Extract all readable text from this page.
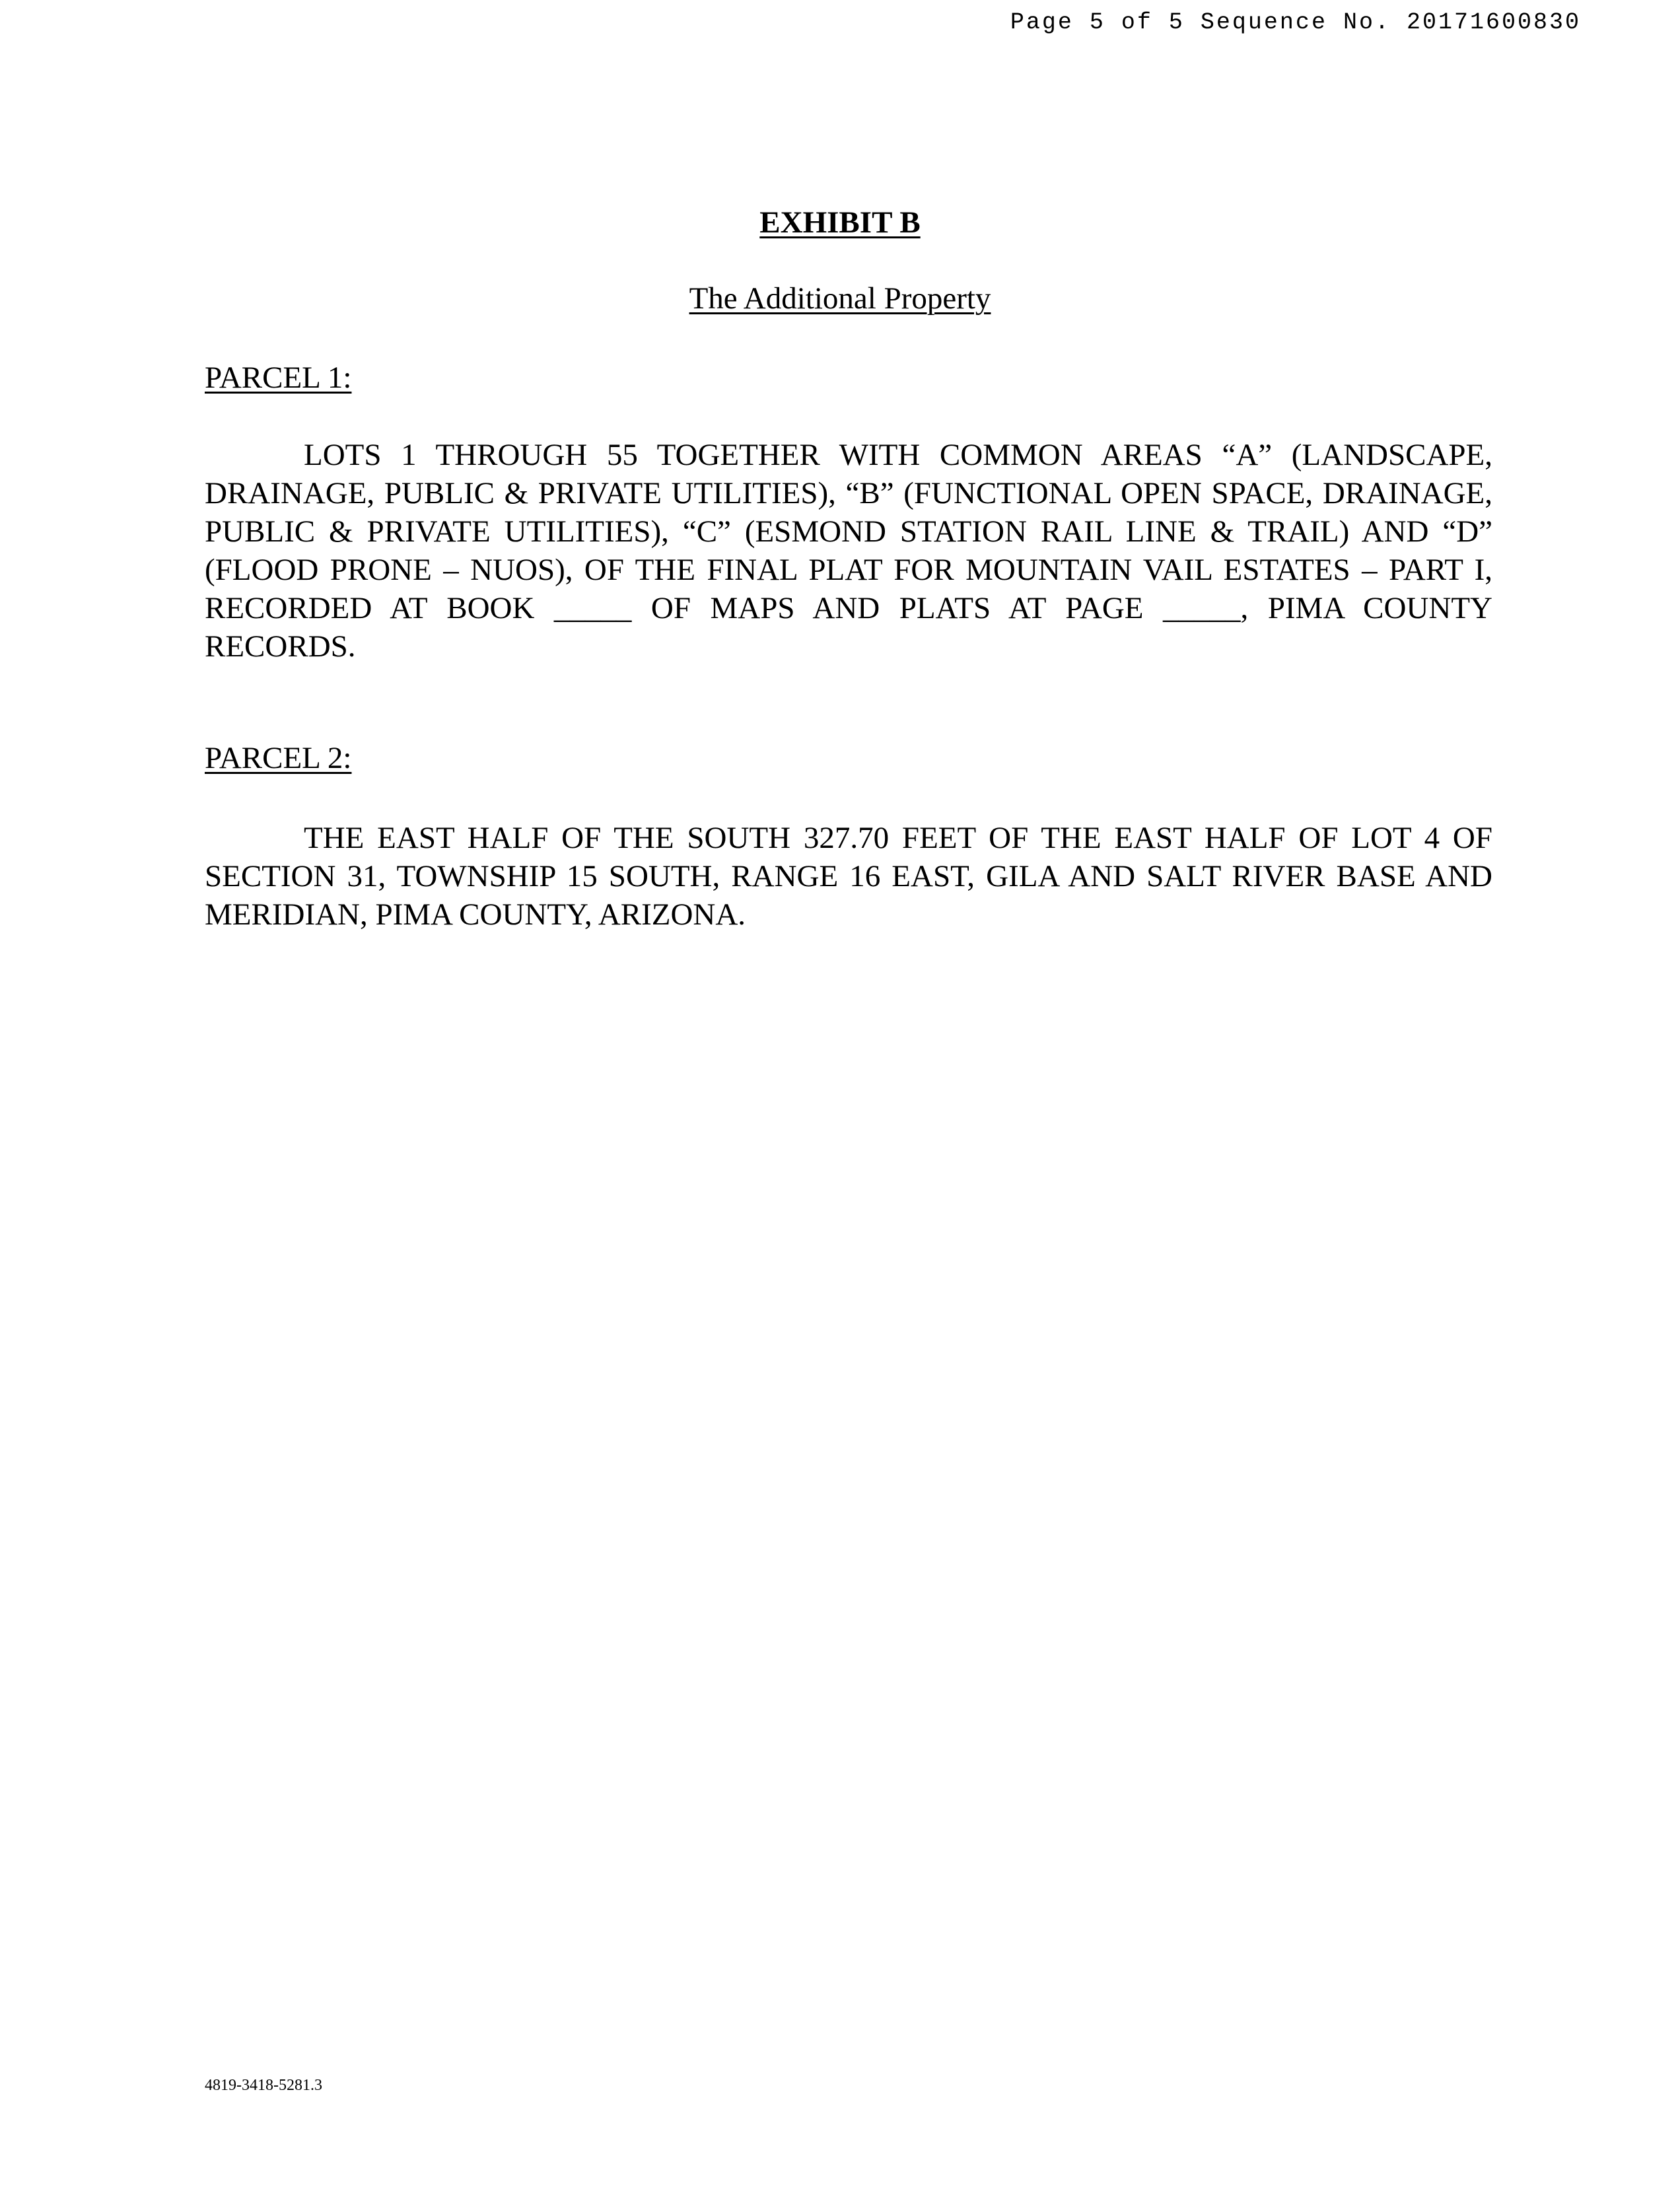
Page 5 of 5 Sequence No. 20171600830
EXHIBIT B
The Additional Property
PARCEL 1:
LOTS 1 THROUGH 55 TOGETHER WITH COMMON AREAS “A” (LANDSCAPE, DRAINAGE, PUBLIC & PRIVATE UTILITIES), “B” (FUNCTIONAL OPEN SPACE, DRAINAGE, PUBLIC & PRIVATE UTILITIES), “C” (ESMOND STATION RAIL LINE & TRAIL) AND “D” (FLOOD PRONE – NUOS), OF THE FINAL PLAT FOR MOUNTAIN VAIL ESTATES – PART I, RECORDED AT BOOK _____ OF MAPS AND PLATS AT PAGE _____, PIMA COUNTY RECORDS.
PARCEL 2:
THE EAST HALF OF THE SOUTH 327.70 FEET OF THE EAST HALF OF LOT 4 OF SECTION 31, TOWNSHIP 15 SOUTH, RANGE 16 EAST, GILA AND SALT RIVER BASE AND MERIDIAN, PIMA COUNTY, ARIZONA.
4819-3418-5281.3
